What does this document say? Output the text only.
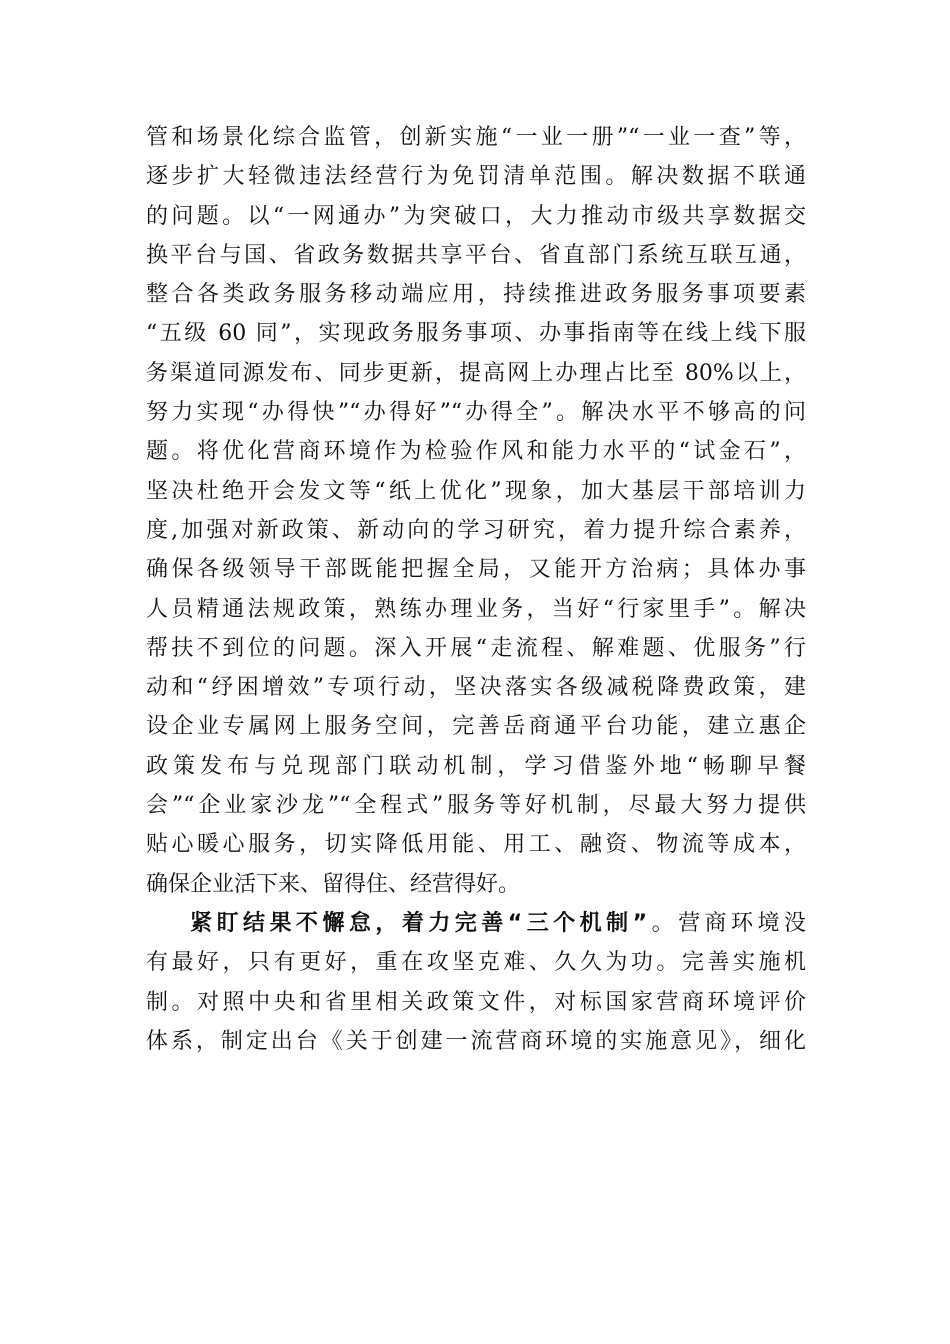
管和场景化综合监管，创新实施“一业一册”“一业一查”等，
逐步扩大轻微违法经营行为免罚清单范围。解决数据不联通
的问题。以“一网通办”为突破口，大力推动市级共享数据交
换平台与国、省政务数据共享平台、省直部门系统互联互通，
整合各类政务服务移动端应用，持续推进政务服务事项要素
“五级 60 同”，实现政务服务事项、办事指南等在线上线下服
务渠道同源发布、同步更新，提高网上办理占比至 80%以上，
努力实现“办得快”“办得好”“办得全”。解决水平不够高的问
题。将优化营商环境作为检验作风和能力水平的“试金石”，
坚决杜绝开会发文等“纸上优化”现象，加大基层干部培训力
度,加强对新政策、新动向的学习研究，着力提升综合素养，
确保各级领导干部既能把握全局，又能开方治病；具体办事
人员精通法规政策，熟练办理业务，当好“行家里手”。解决
帮扶不到位的问题。深入开展“走流程、解难题、优服务”行
动和“纾困增效”专项行动，坚决落实各级减税降费政策，建
设企业专属网上服务空间，完善岳商通平台功能，建立惠企
政策发布与兑现部门联动机制，学习借鉴外地“畅聊早餐
会”“企业家沙龙”“全程式”服务等好机制，尽最大努力提供
贴心暖心服务，切实降低用能、用工、融资、物流等成本，
确保企业活下来、留得住、经营得好。
紧盯结果不懈怠，着力完善“三个机制”。营商环境没
有最好，只有更好，重在攻坚克难、久久为功。完善实施机
制。对照中央和省里相关政策文件，对标国家营商环境评价
体系，制定出台《关于创建一流营商环境的实施意见》，细化
